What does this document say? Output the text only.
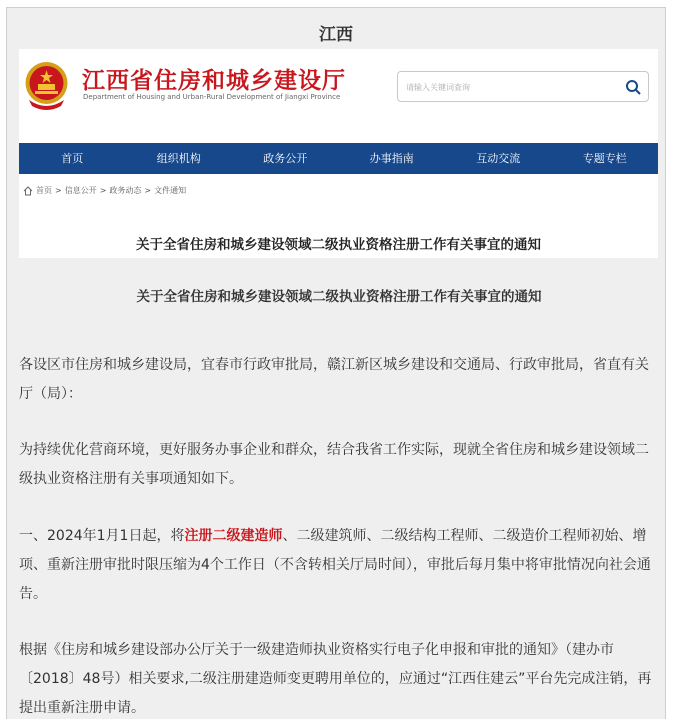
江西
江西省住房和城乡建设厅
Department of Housing and Urban-Rural Development of Jiangxi Province
请输入关键词查询
首页	组织机构	政务公开	办事指南	互动交流	专题专栏
首页 > 信息公开 > 政务动态 > 文件通知
关于全省住房和城乡建设领域二级执业资格注册工作有关事宜的通知
关于全省住房和城乡建设领域二级执业资格注册工作有关事宜的通知

各设区市住房和城乡建设局，宜春市行政审批局，赣江新区城乡建设和交通局、行政审批局，省直有关厅（局）：

为持续优化营商环境，更好服务办事企业和群众，结合我省工作实际，现就全省住房和城乡建设领域二级执业资格注册有关事项通知如下。

一、2024年1月1日起，将注册二级建造师、二级建筑师、二级结构工程师、二级造价工程师初始、增项、重新注册审批时限压缩为4个工作日（不含转相关厅局时间），审批后每月集中将审批情况向社会通告。

根据《住房和城乡建设部办公厅关于一级建造师执业资格实行电子化申报和审批的通知》（建办市〔2018〕48号）相关要求,二级注册建造师变更聘用单位的，应通过“江西住建云”平台先完成注销，再提出重新注册申请。
